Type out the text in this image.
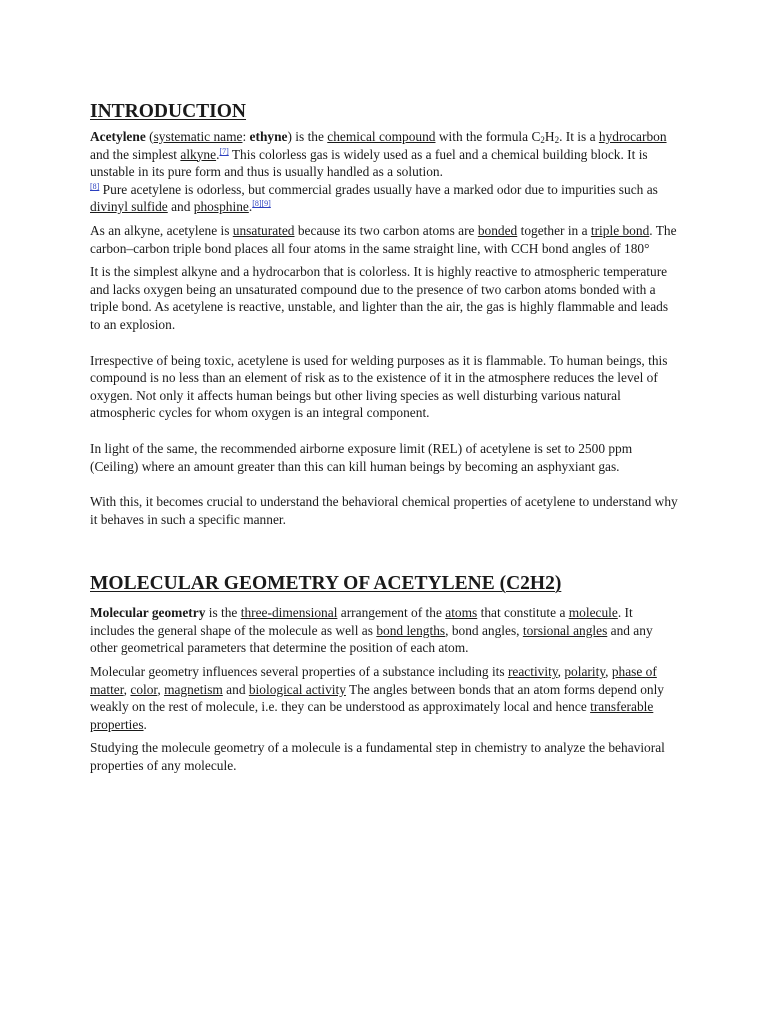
INTRODUCTION

Acetylene (systematic name: ethyne) is the chemical compound with the formula $C_2H_2$. It is a hydrocarbon and the simplest alkyne.[7] This colorless gas is widely used as a fuel and a chemical building block. It is unstable in its pure form and thus is usually handled as a solution.
[8] Pure acetylene is odorless, but commercial grades usually have a marked odor due to impurities such as divinyl sulfide and phosphine.[8][9]

As an alkyne, acetylene is unsaturated because its two carbon atoms are bonded together in a triple bond. The carbon–carbon triple bond places all four atoms in the same straight line, with CCH bond angles of 180°

It is the simplest alkyne and a hydrocarbon that is colorless. It is highly reactive to atmospheric temperature and lacks oxygen being an unsaturated compound due to the presence of two carbon atoms bonded with a triple bond. As acetylene is reactive, unstable, and lighter than the air, the gas is highly flammable and leads to an explosion.

Irrespective of being toxic, acetylene is used for welding purposes as it is flammable. To human beings, this compound is no less than an element of risk as to the existence of it in the atmosphere reduces the level of oxygen. Not only it affects human beings but other living species as well disturbing various natural atmospheric cycles for whom oxygen is an integral component.

In light of the same, the recommended airborne exposure limit (REL) of acetylene is set to 2500 ppm (Ceiling) where an amount greater than this can kill human beings by becoming an asphyxiant gas.

With this, it becomes crucial to understand the behavioral chemical properties of acetylene to understand why it behaves in such a specific manner.

MOLECULAR GEOMETRY OF ACETYLENE (C2H2)

Molecular geometry is the three-dimensional arrangement of the atoms that constitute a molecule. It includes the general shape of the molecule as well as bond lengths, bond angles, torsional angles and any other geometrical parameters that determine the position of each atom.

Molecular geometry influences several properties of a substance including its reactivity, polarity, phase of matter, color, magnetism and biological activity The angles between bonds that an atom forms depend only weakly on the rest of molecule, i.e. they can be understood as approximately local and hence transferable properties.

Studying the molecule geometry of a molecule is a fundamental step in chemistry to analyze the behavioral properties of any molecule.
